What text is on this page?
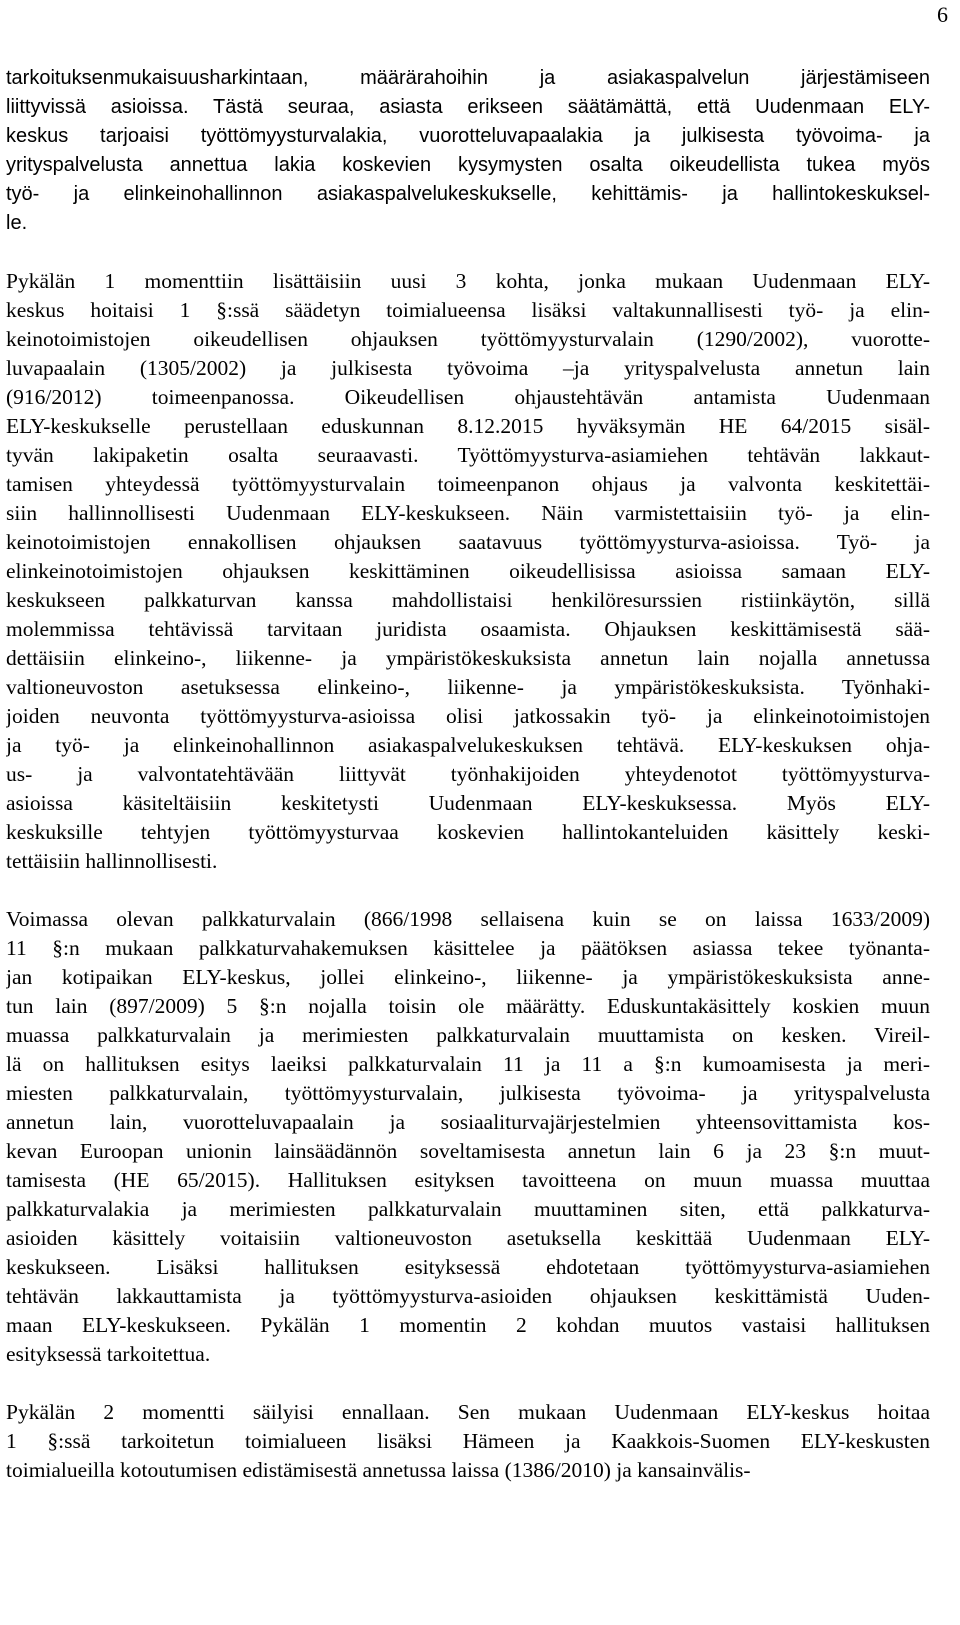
6
tarkoituksenmukaisuusharkintaan, määrärahoihin ja asiakaspalvelun järjestämiseen
liittyvissä asioissa. Tästä seuraa, asiasta erikseen säätämättä, että Uudenmaan ELY-
keskus tarjoaisi työttömyysturvalakia, vuorotteluvapaalakia ja julkisesta työvoima- ja
yrityspalvelusta annettua lakia koskevien kysymysten osalta oikeudellista tukea myös
työ- ja elinkeinohallinnon asiakaspalvelukeskukselle, kehittämis- ja hallintokeskuksel-
le.
Pykälän 1 momenttiin lisättäisiin uusi 3 kohta, jonka mukaan Uudenmaan ELY-
keskus hoitaisi 1 §:ssä säädetyn toimialueensa lisäksi valtakunnallisesti työ- ja elin-
keinotoimistojen oikeudellisen ohjauksen työttömyysturvalain (1290/2002), vuorotte-
luvapaalain (1305/2002) ja julkisesta työvoima –ja yrityspalvelusta annetun lain
(916/2012) toimeenpanossa. Oikeudellisen ohjaustehtävän antamista Uudenmaan
ELY-keskukselle perustellaan eduskunnan 8.12.2015 hyväksymän HE 64/2015 sisäl-
tyvän lakipaketin osalta seuraavasti. Työttömyysturva-asiamiehen tehtävän lakkaut-
tamisen yhteydessä työttömyysturvalain toimeenpanon ohjaus ja valvonta keskitettäi-
siin hallinnollisesti Uudenmaan ELY-keskukseen. Näin varmistettaisiin työ- ja elin-
keinotoimistojen ennakollisen ohjauksen saatavuus työttömyysturva-asioissa. Työ- ja
elinkeinotoimistojen ohjauksen keskittäminen oikeudellisissa asioissa samaan ELY-
keskukseen palkkaturvan kanssa mahdollistaisi henkilöresurssien ristiinkäytön, sillä
molemmissa tehtävissä tarvitaan juridista osaamista. Ohjauksen keskittämisestä sää-
dettäisiin elinkeino-, liikenne- ja ympäristökeskuksista annetun lain nojalla annetussa
valtioneuvoston asetuksessa elinkeino-, liikenne- ja ympäristökeskuksista. Työnhaki-
joiden neuvonta työttömyysturva-asioissa olisi jatkossakin työ- ja elinkeinotoimistojen
ja työ- ja elinkeinohallinnon asiakaspalvelukeskuksen tehtävä. ELY-keskuksen ohja-
us- ja valvontatehtävään liittyvät työnhakijoiden yhteydenotot työttömyysturva-
asioissa käsiteltäisiin keskitetysti Uudenmaan ELY-keskuksessa. Myös ELY-
keskuksille tehtyjen työttömyysturvaa koskevien hallintokanteluiden käsittely keski-
tettäisiin hallinnollisesti.
Voimassa olevan palkkaturvalain (866/1998 sellaisena kuin se on laissa 1633/2009)
11 §:n mukaan palkkaturvahakemuksen käsittelee ja päätöksen asiassa tekee työnanta-
jan kotipaikan ELY-keskus, jollei elinkeino-, liikenne- ja ympäristökeskuksista anne-
tun lain (897/2009) 5 §:n nojalla toisin ole määrätty. Eduskuntakäsittely koskien muun
muassa palkkaturvalain ja merimiesten palkkaturvalain muuttamista on kesken. Vireil-
lä on hallituksen esitys laeiksi palkkaturvalain 11 ja 11 a §:n kumoamisesta ja meri-
miesten palkkaturvalain, työttömyysturvalain, julkisesta työvoima- ja yrityspalvelusta
annetun lain, vuorotteluvapaalain ja sosiaaliturvajärjestelmien yhteensovittamista kos-
kevan Euroopan unionin lainsäädännön soveltamisesta annetun lain 6 ja 23 §:n muut-
tamisesta (HE 65/2015). Hallituksen esityksen tavoitteena on muun muassa muuttaa
palkkaturvalakia ja merimiesten palkkaturvalain muuttaminen siten, että palkkaturva-
asioiden käsittely voitaisiin valtioneuvoston asetuksella keskittää Uudenmaan ELY-
keskukseen. Lisäksi hallituksen esityksessä ehdotetaan työttömyysturva-asiamiehen
tehtävän lakkauttamista ja työttömyysturva-asioiden ohjauksen keskittämistä Uuden-
maan ELY-keskukseen. Pykälän 1 momentin 2 kohdan muutos vastaisi hallituksen
esityksessä tarkoitettua.
Pykälän 2 momentti säilyisi ennallaan. Sen mukaan Uudenmaan ELY-keskus hoitaa
1 §:ssä tarkoitetun toimialueen lisäksi Hämeen ja Kaakkois-Suomen ELY-keskusten
toimialueilla kotoutumisen edistämisestä annetussa laissa (1386/2010) ja kansainvälis-
